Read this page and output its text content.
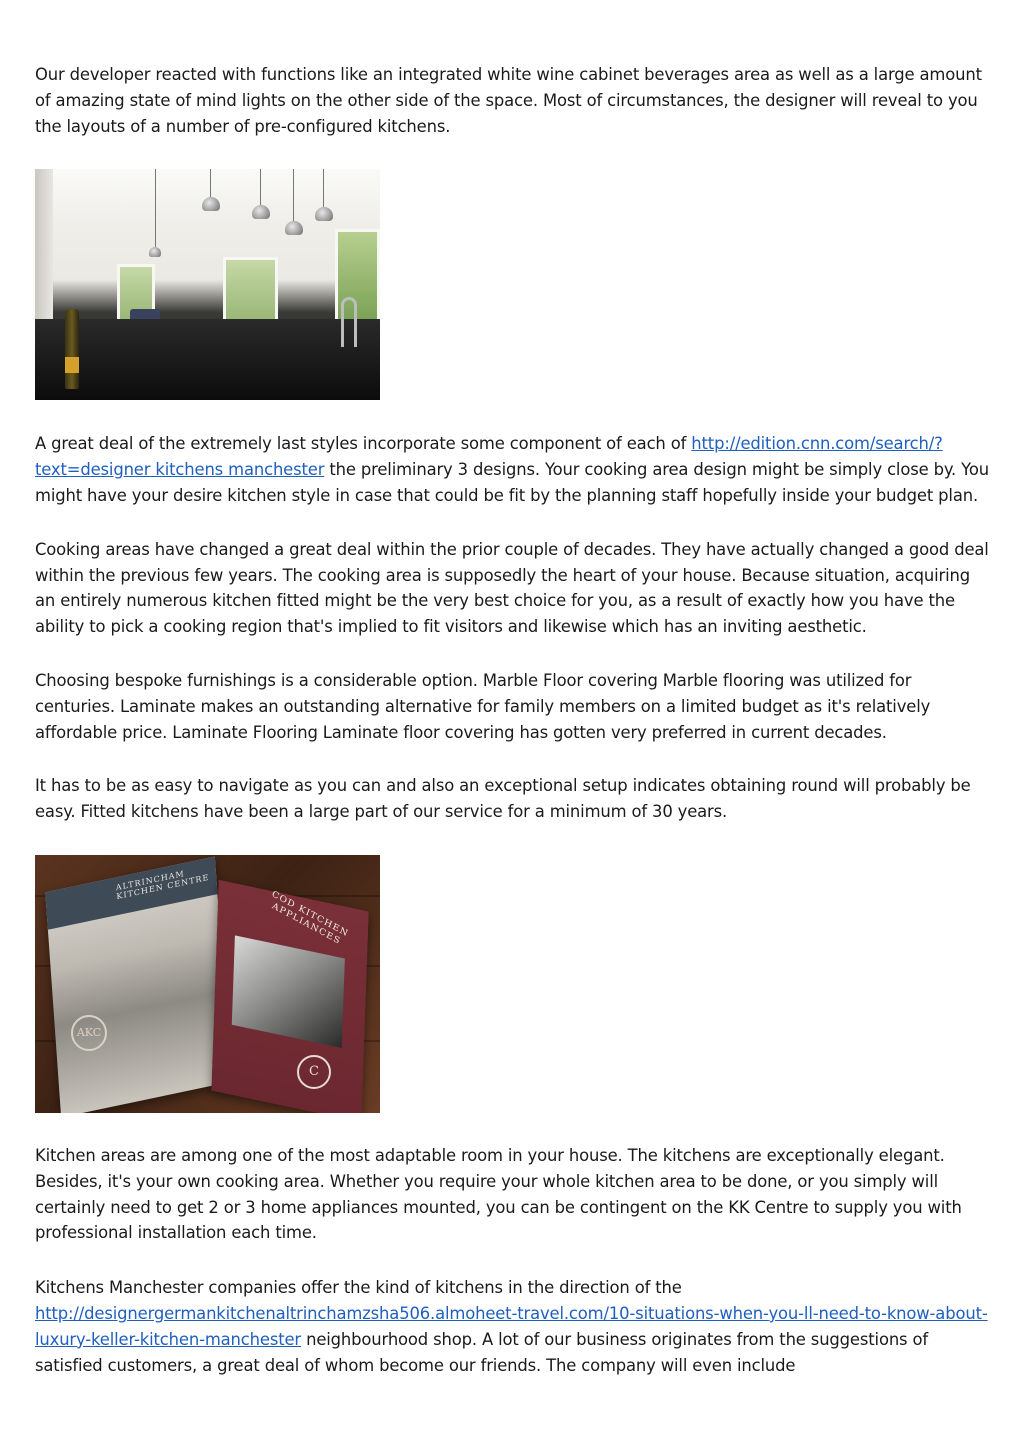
Our developer reacted with functions like an integrated white wine cabinet beverages area as well as a large amount of amazing state of mind lights on the other side of the space. Most of circumstances, the designer will reveal to you the layouts of a number of pre-configured kitchens.

A great deal of the extremely last styles incorporate some component of each of http://edition.cnn.com/search/?text=designer kitchens manchester the preliminary 3 designs. Your cooking area design might be simply close by. You might have your desire kitchen style in case that could be fit by the planning staff hopefully inside your budget plan.

Cooking areas have changed a great deal within the prior couple of decades. They have actually changed a good deal within the previous few years. The cooking area is supposedly the heart of your house. Because situation, acquiring an entirely numerous kitchen fitted might be the very best choice for you, as a result of exactly how you have the ability to pick a cooking region that's implied to fit visitors and likewise which has an inviting aesthetic.

Choosing bespoke furnishings is a considerable option. Marble Floor covering Marble flooring was utilized for centuries. Laminate makes an outstanding alternative for family members on a limited budget as it's relatively affordable price. Laminate Flooring Laminate floor covering has gotten very preferred in current decades.

It has to be as easy to navigate as you can and also an exceptional setup indicates obtaining round will probably be easy. Fitted kitchens have been a large part of our service for a minimum of 30 years.

ALTRINCHAM KITCHEN CENTRE
AKC
COD KITCHEN APPLIANCES
C

Kitchen areas are among one of the most adaptable room in your house. The kitchens are exceptionally elegant. Besides, it's your own cooking area. Whether you require your whole kitchen area to be done, or you simply will certainly need to get 2 or 3 home appliances mounted, you can be contingent on the KK Centre to supply you with professional installation each time.

Kitchens Manchester companies offer the kind of kitchens in the direction of the http://designergermankitchenaltrinchamzsha506.almoheet-travel.com/10-situations-when-you-ll-need-to-know-about-luxury-keller-kitchen-manchester neighbourhood shop. A lot of our business originates from the suggestions of satisfied customers, a great deal of whom become our friends. The company will even include
